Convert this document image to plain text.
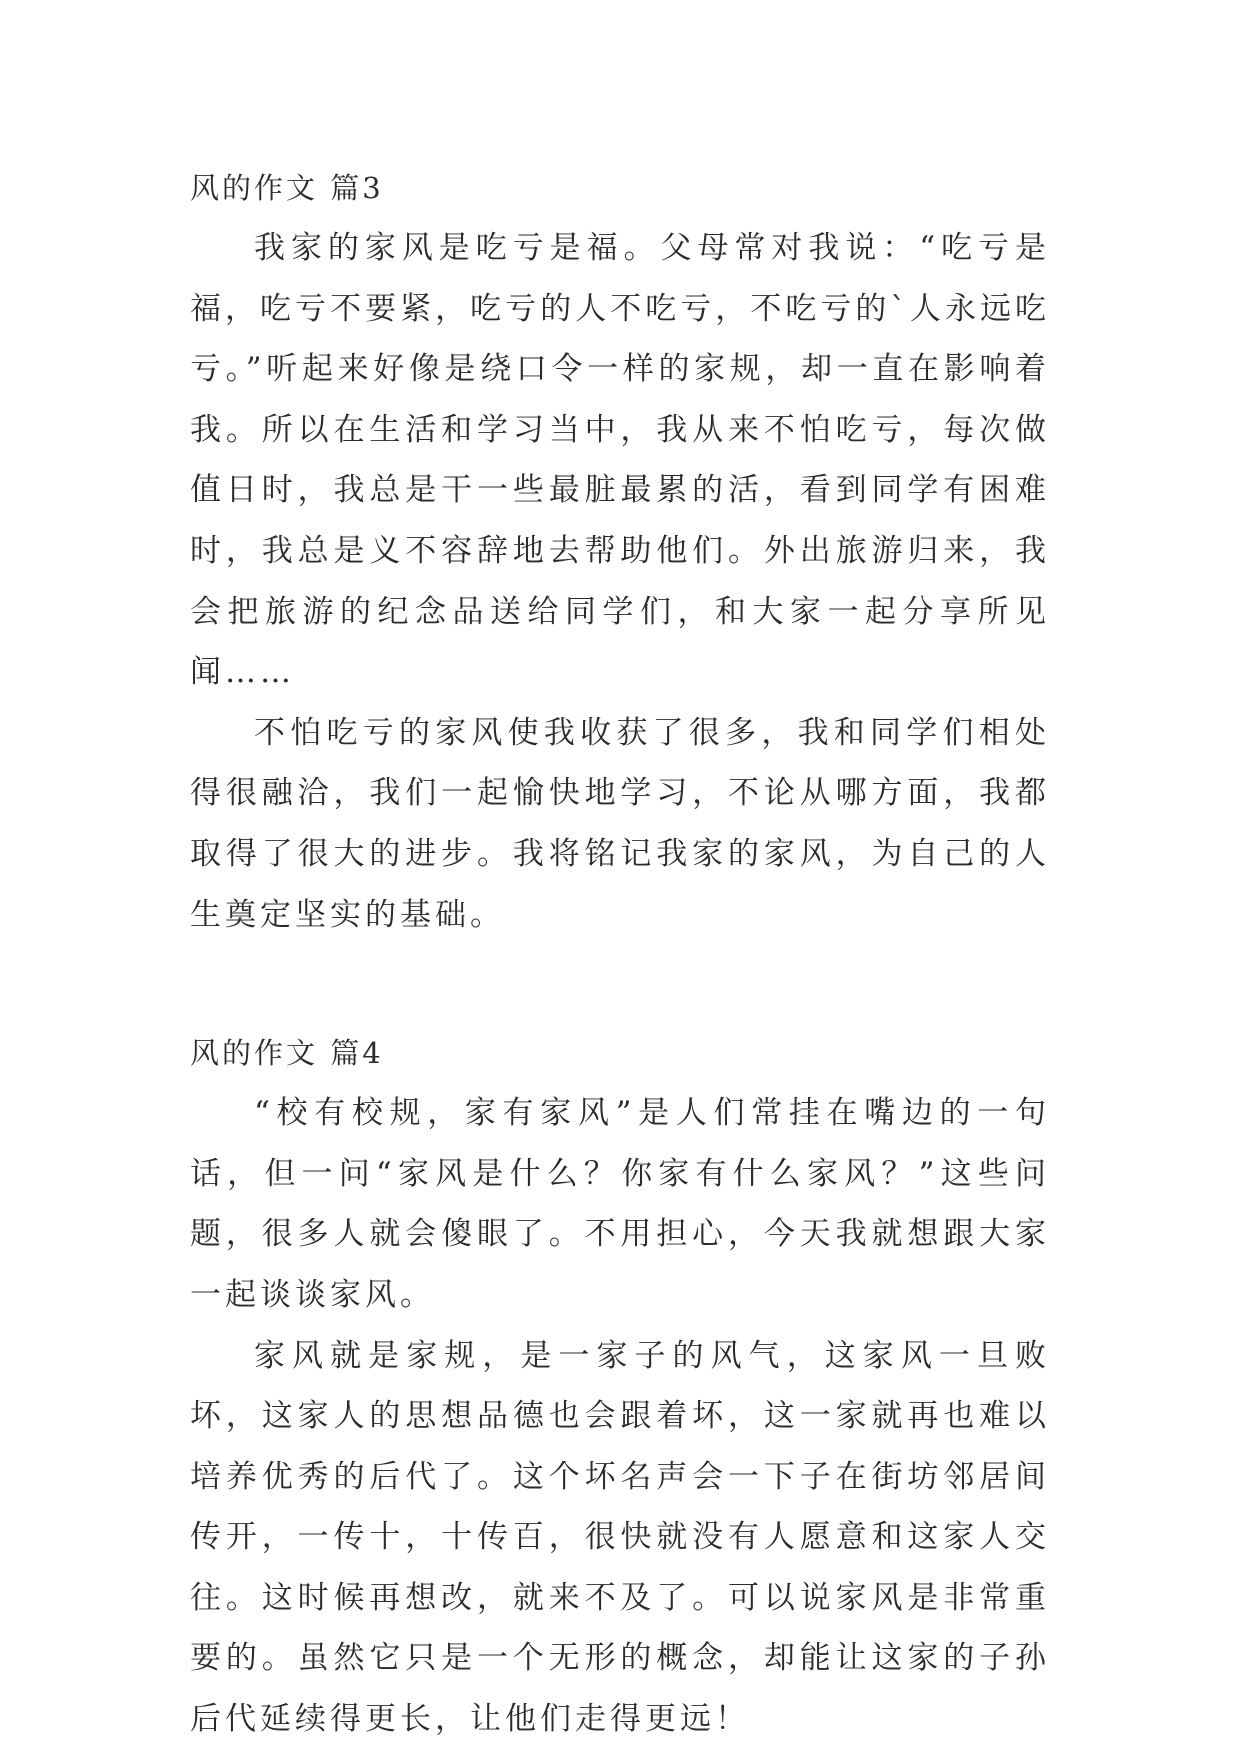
风的作文 篇3

我家的家风是吃亏是福。父母常对我说：“吃亏是福，吃亏不要紧，吃亏的人不吃亏，不吃亏的`人永远吃亏。”听起来好像是绕口令一样的家规，却一直在影响着我。所以在生活和学习当中，我从来不怕吃亏，每次做值日时，我总是干一些最脏最累的活，看到同学有困难时，我总是义不容辞地去帮助他们。外出旅游归来，我会把旅游的纪念品送给同学们，和大家一起分享所见闻……

不怕吃亏的家风使我收获了很多，我和同学们相处得很融洽，我们一起愉快地学习，不论从哪方面，我都取得了很大的进步。我将铭记我家的家风，为自己的人生奠定坚实的基础。

风的作文 篇4

“校有校规，家有家风”是人们常挂在嘴边的一句话，但一问“家风是什么？你家有什么家风？”这些问题，很多人就会傻眼了。不用担心，今天我就想跟大家一起谈谈家风。

家风就是家规，是一家子的风气，这家风一旦败坏，这家人的思想品德也会跟着坏，这一家就再也难以培养优秀的后代了。这个坏名声会一下子在街坊邻居间传开，一传十，十传百，很快就没有人愿意和这家人交往。这时候再想改，就来不及了。可以说家风是非常重要的。虽然它只是一个无形的概念，却能让这家的子孙后代延续得更长，让他们走得更远！
